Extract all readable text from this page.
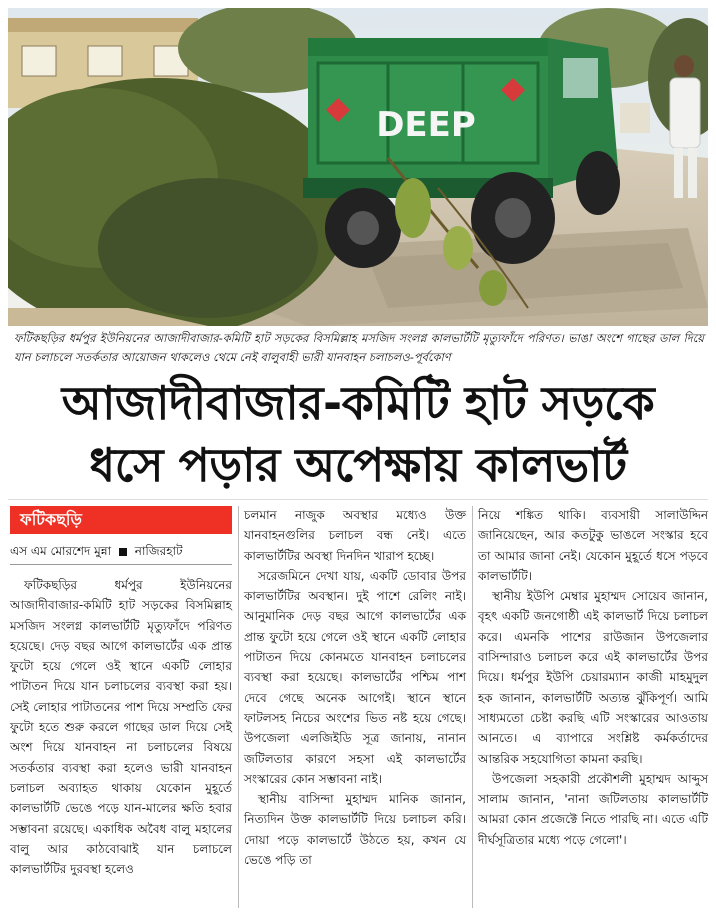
DEEP
ফটিকছড়ির ধর্মপুর ইউনিয়নের আজাদীবাজার-কমিটি হাট সড়কের বিসমিল্লাহ মসজিদ সংলগ্ন কালভার্টটি মৃত্যুফাঁদে পরিণত। ভাঙা অংশে গাছের ডাল দিয়ে যান চলাচলে সতর্কতার আয়োজন থাকলেও থেমে নেই বালুবাহী ভারী যানবাহন চলাচলও-পূর্বকোণ
আজাদীবাজার-কমিটি হাট সড়কে
ধসে পড়ার অপেক্ষায় কালভার্ট
ফটিকছড়ি
এস এম মোরশেদ মুন্না নাজিরহাট

ফটিকছড়ির ধর্মপুর ইউনিয়নের আজাদীবাজার-কমিটি হাট সড়কের বিসমিল্লাহ মসজিদ সংলগ্ন কালভার্টটি মৃত্যুফাঁদে পরিণত হয়েছে। দেড় বছর আগে কালভার্টের এক প্রান্ত ফুটো হয়ে গেলে ওই স্থানে একটি লোহার পাটাতন দিয়ে যান চলাচলের ব্যবস্থা করা হয়। সেই লোহার পাটাতনের পাশ দিয়ে সম্প্রতি ফের ফুটো হতে শুরু করলে গাছের ডাল দিয়ে সেই অংশ দিয়ে যানবাহন না চলাচলের বিষয়ে সতর্কতার ব্যবস্থা করা হলেও ভারী যানবাহন চলাচল অব্যাহত থাকায় যেকোন মুহূর্তে কালভার্টটি ভেঙে পড়ে যান-মালের ক্ষতি হবার সম্ভাবনা রয়েছে। একাধিক অবৈধ বালু মহালের বালু আর কাঠবোঝাই যান চলাচলে কালভার্টটির দুরবস্থা হলেও

চলমান নাজুক অবস্থার মধ্যেও উক্ত যানবাহনগুলির চলাচল বন্ধ নেই। এতে কালভার্টটির অবস্থা দিনদিন খারাপ হচ্ছে।

সরেজমিনে দেখা যায়, একটি ডোবার উপর কালভার্টটির অবস্থান। দুই পাশে রেলিং নাই। আনুমানিক দেড় বছর আগে কালভার্টের এক প্রান্ত ফুটো হয়ে গেলে ওই স্থানে একটি লোহার পাটাতন দিয়ে কোনমতে যানবাহন চলাচলের ব্যবস্থা করা হয়েছে। কালভার্টের পশ্চিম পাশ দেবে গেছে অনেক আগেই। স্থানে স্থানে ফাটলসহ নিচের অংশের ভিত নষ্ট হয়ে গেছে। উপজেলা এলজিইডি সূত্র জানায়, নানান জটিলতার কারণে সহসা এই কালভার্টের সংস্কারের কোন সম্ভাবনা নাই।

স্থানীয় বাসিন্দা মুহাম্মদ মানিক জানান, নিত্যদিন উক্ত কালভার্টটি দিয়ে চলাচল করি। দোয়া পড়ে কালভার্টে উঠতে হয়, কখন যে ভেঙে পড়ি তা

নিয়ে শঙ্কিত থাকি। ব্যবসায়ী সালাউদ্দিন জানিয়েছেন, আর কতটুকু ভাঙলে সংস্কার হবে তা আমার জানা নেই। যেকোন মুহূর্তে ধসে পড়বে কালভার্টটি।

স্থানীয় ইউপি মেম্বার মুহাম্মদ সোয়েব জানান, বৃহৎ একটি জনগোষ্ঠী এই কালভার্ট দিয়ে চলাচল করে। এমনকি পাশের রাউজান উপজেলার বাসিন্দারাও চলাচল করে এই কালভার্টের উপর দিয়ে। ধর্মপুর ইউপি চেয়ারম্যান কাজী মাহমুদুল হক জানান, কালভার্টটি অত্যন্ত ঝুঁকিপূর্ণ। আমি সাধ্যমতো চেষ্টা করছি এটি সংস্কারের আওতায় আনতে। এ ব্যাপারে সংশ্লিষ্ট কর্মকর্তাদের আন্তরিক সহযোগিতা কামনা করছি।

উপজেলা সহকারী প্রকৌশলী মুহাম্মদ আব্দুস সালাম জানান, 'নানা জটিলতায় কালভার্টটি আমরা কোন প্রজেক্টে নিতে পারছি না। এতে এটি দীর্ঘসূত্রিতার মধ্যে পড়ে গেলো'।
